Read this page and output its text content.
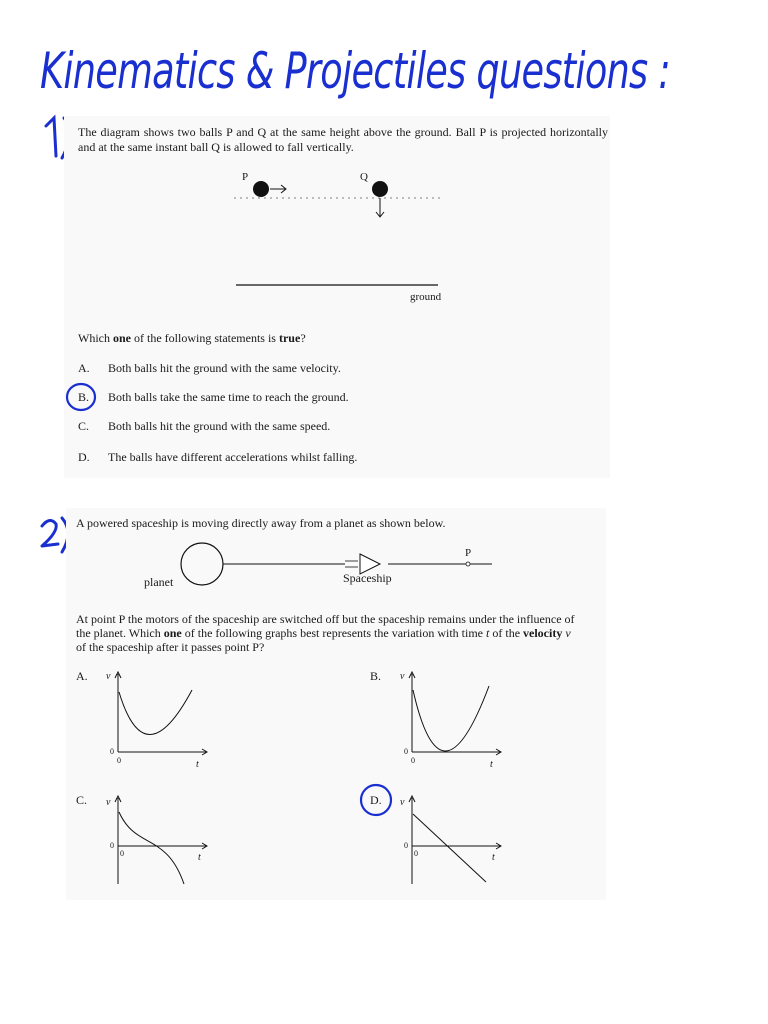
Kinematics & Projectiles questions :
The diagram shows two balls P and Q at the same height above the ground. Ball P is projected horizontally and at the same instant ball Q is allowed to fall vertically.
P	Q
ground
Which one of the following statements is true?
A. Both balls hit the ground with the same velocity.
B. Both balls take the same time to reach the ground.
C. Both balls hit the ground with the same speed.
D. The balls have different accelerations whilst falling.
A powered spaceship is moving directly away from a planet as shown below.
planet	Spaceship
P
At point P the motors of the spaceship are switched off but the spaceship remains under the influence of
the planet. Which one of the following graphs best represents the variation with time t of the velocity v
of the spaceship after it passes point P?
A. v
0
0	t
B. v
0
0	t
C. v
0
0	t
D. v
0
0	t
